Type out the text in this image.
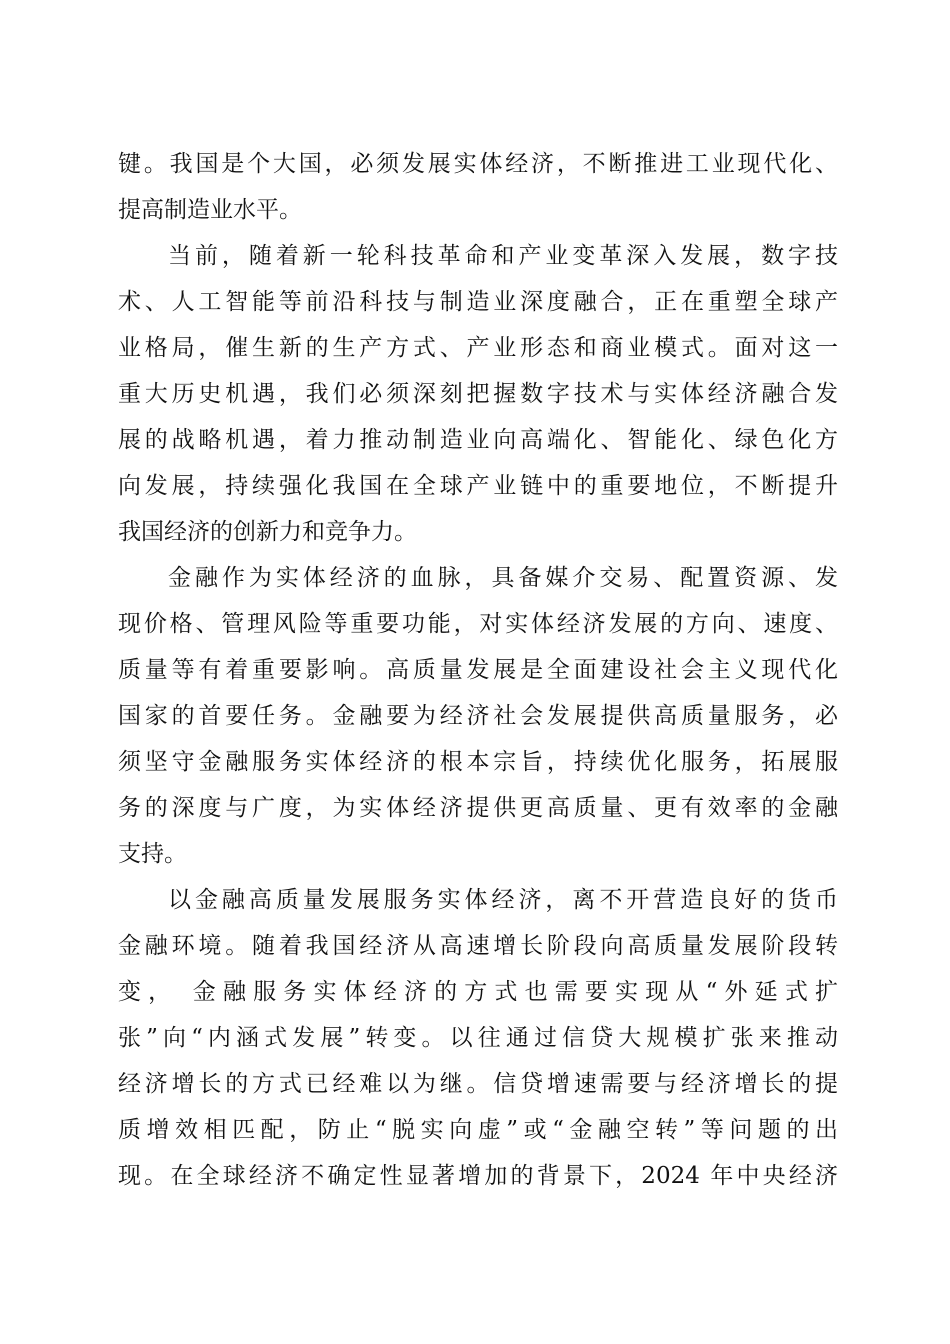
键。我国是个大国，必须发展实体经济，不断推进工业现代化、
提高制造业水平。
当前，随着新一轮科技革命和产业变革深入发展，数字技
术、人工智能等前沿科技与制造业深度融合，正在重塑全球产
业格局，催生新的生产方式、产业形态和商业模式。面对这一
重大历史机遇，我们必须深刻把握数字技术与实体经济融合发
展的战略机遇，着力推动制造业向高端化、智能化、绿色化方
向发展，持续强化我国在全球产业链中的重要地位，不断提升
我国经济的创新力和竞争力。
金融作为实体经济的血脉，具备媒介交易、配置资源、发
现价格、管理风险等重要功能，对实体经济发展的方向、速度、
质量等有着重要影响。高质量发展是全面建设社会主义现代化
国家的首要任务。金融要为经济社会发展提供高质量服务，必
须坚守金融服务实体经济的根本宗旨，持续优化服务，拓展服
务的深度与广度，为实体经济提供更高质量、更有效率的金融
支持。
以金融高质量发展服务实体经济，离不开营造良好的货币
金融环境。随着我国经济从高速增长阶段向高质量发展阶段转
变， 金融服务实体经济的方式也需要实现从“外延式扩
张”向“内涵式发展”转变。以往通过信贷大规模扩张来推动
经济增长的方式已经难以为继。信贷增速需要与经济增长的提
质增效相匹配，防止“脱实向虚”或“金融空转”等问题的出
现。在全球经济不确定性显著增加的背景下，2024 年中央经济
